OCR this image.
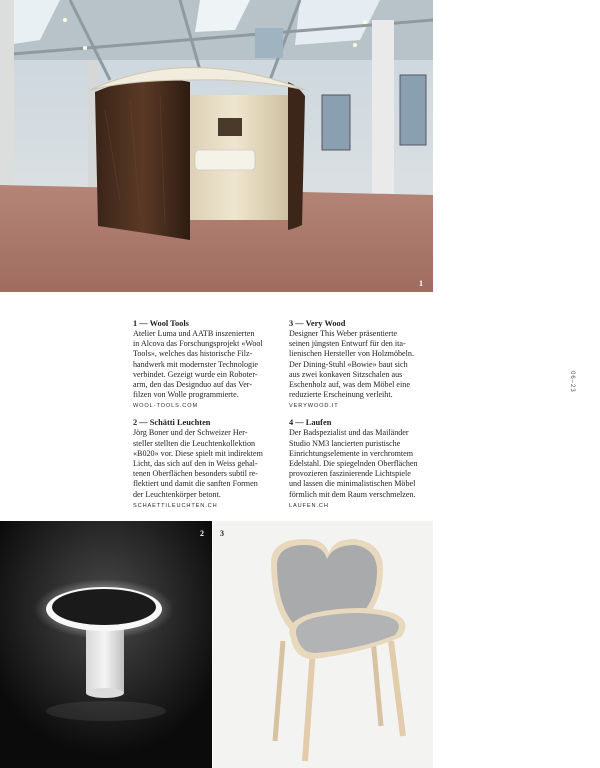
1
1 — Wool Tools
Atelier Luma und AATB inszenierten
in Alcova das Forschungsprojekt «Wool
Tools», welches das historische Filz-
handwerk mit modernster Technologie
verbindet. Gezeigt wurde ein Roboter-
arm, den das Designduo auf das Ver-
filzen von Wolle programmierte.
WOOL-TOOLS.COM
2 — Schätti Leuchten
Jörg Boner und der Schweizer Her-
steller stellten die Leuchtenkollektion
«B020» vor. Diese spielt mit indirektem
Licht, das sich auf den in Weiss gehal-
tenen Oberflächen besonders subtil re-
flektiert und damit die sanften Formen
der Leuchtenkörper betont.
SCHAETTILEUCHTEN.CH
3 — Very Wood
Designer This Weber präsentierte
seinen jüngsten Entwurf für den ita-
lienischen Hersteller von Holzmöbeln.
Der Dining-Stuhl «Bowie» baut sich
aus zwei konkaven Sitzschalen aus
Eschenholz auf, was dem Möbel eine
reduzierte Erscheinung verleiht.
VERYWOOD.IT
4 — Laufen
Der Badspezialist und das Mailänder
Studio NM3 lancierten puristische
Einrichtungselemente in verchromtem
Edelstahl. Die spiegelnden Oberflächen
provozieren faszinierende Lichtspiele
und lassen die minimalistischen Möbel
förmlich mit dem Raum verschmelzen.
LAUFEN.CH
06–23
2 3
